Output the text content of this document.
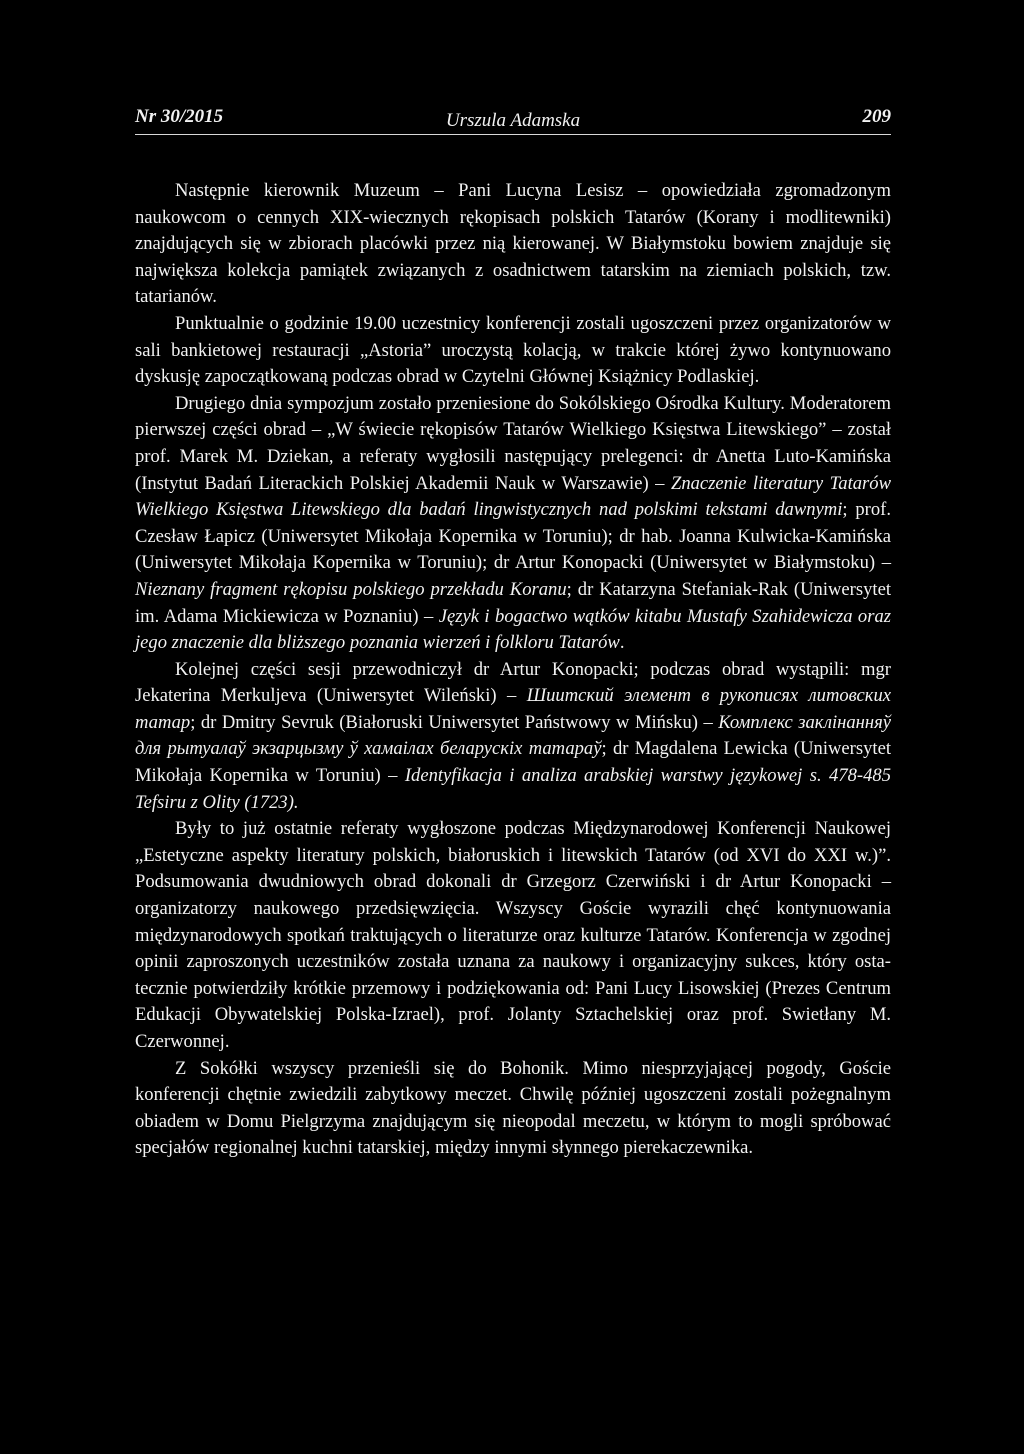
Nr 30/2015	Urszula Adamska	209

Następnie kierownik Muzeum – Pani Lucyna Lesisz – opowiedziała zgromadzonym naukowcom o cennych XIX-wiecznych rękopisach polskich Tatarów (Korany i modlitewniki) znajdujących się w zbiorach placówki przez nią kierowanej. W Białymstoku bowiem znajduje się największa kolekcja pamiątek związanych z osadnictwem tatarskim na ziemiach polskich, tzw. tatarianów.

Punktualnie o godzinie 19.00 uczestnicy konferencji zostali ugoszczeni przez organizatorów w sali bankietowej restauracji „Astoria” uroczystą kolacją, w trakcie której żywo kontynuowano dyskusję zapoczątkowaną podczas obrad w Czytelni Głównej Książnicy Podlaskiej.

Drugiego dnia sympozjum zostało przeniesione do Sokólskiego Ośrodka Kultury. Moderatorem pierwszej części obrad – „W świecie rękopisów Tatarów Wielkiego Księstwa Litewskiego” – został prof. Marek M. Dziekan, a referaty wygłosili następujący prelegenci: dr Anetta Luto-Kamińska (Instytut Badań Literackich Polskiej Akademii Nauk w Warszawie) – Znaczenie literatury Tatarów Wielkiego Księstwa Litewskiego dla badań lingwistycznych nad polskimi tekstami dawnymi; prof. Czesław Łapicz (Uniwersytet Mikołaja Kopernika w Toruniu); dr hab. Joanna Kulwicka-Kamińska (Uniwersytet Mikołaja Kopernika w Toruniu); dr Artur Konopacki (Uniwersytet w Białymstoku) – Nieznany fragment rękopisu polskiego przekładu Koranu; dr Katarzyna Stefaniak-Rak (Uniwersytet im. Adama Mickiewicza w Poznaniu) – Język i bogactwo wątków kitabu Mustafy Szahidewicza oraz jego znaczenie dla bliższego poznania wierzeń i folkloru Tatarów.

Kolejnej części sesji przewodniczył dr Artur Konopacki; podczas obrad wystąpili: mgr Jekaterina Merkuljeva (Uniwersytet Wileński) – Шиитский элемент в рукописях литовских татар; dr Dmitry Sevruk (Białoruski Uniwersytet Państwowy w Mińsku) – Комплекс заклінанняў для рытуалаў экзарцызму ў хамаілах беларускіх татараў; dr Magdalena Lewicka (Uniwersytet Mikołaja Kopernika w Toruniu) – Identyfikacja i analiza arabskiej warstwy językowej s. 478-485 Tefsiru z Olity (1723).

Były to już ostatnie referaty wygłoszone podczas Międzynarodowej Konferencji Naukowej „Estetyczne aspekty literatury polskich, białoruskich i litewskich Tatarów (od XVI do XXI w.)”. Podsumowania dwudniowych obrad dokonali dr Grzegorz Czerwiński i dr Artur Konopacki – organizatorzy naukowego przedsięwzięcia. Wszyscy Goście wyrazili chęć kontynuowania międzynarodowych spotkań traktujących o literaturze oraz kulturze Tatarów. Konferencja w zgodnej opinii zaproszonych uczestników została uznana za naukowy i organizacyjny sukces, który ostatecznie potwierdziły krótkie przemowy i podziękowania od: Pani Lucy Lisowskiej (Prezes Centrum Edukacji Obywatelskiej Polska-Izrael), prof. Jolanty Sztachelskiej oraz prof. Swietłany M. Czerwonnej.

Z Sokółki wszyscy przenieśli się do Bohonik. Mimo niesprzyjającej pogody, Goście konferencji chętnie zwiedzili zabytkowy meczet. Chwilę później ugoszczeni zostali pożegnalnym obiadem w Domu Pielgrzyma znajdującym się nieopodal meczetu, w którym to mogli spróbować specjałów regionalnej kuchni tatarskiej, między innymi słynnego pierekaczewnika.
